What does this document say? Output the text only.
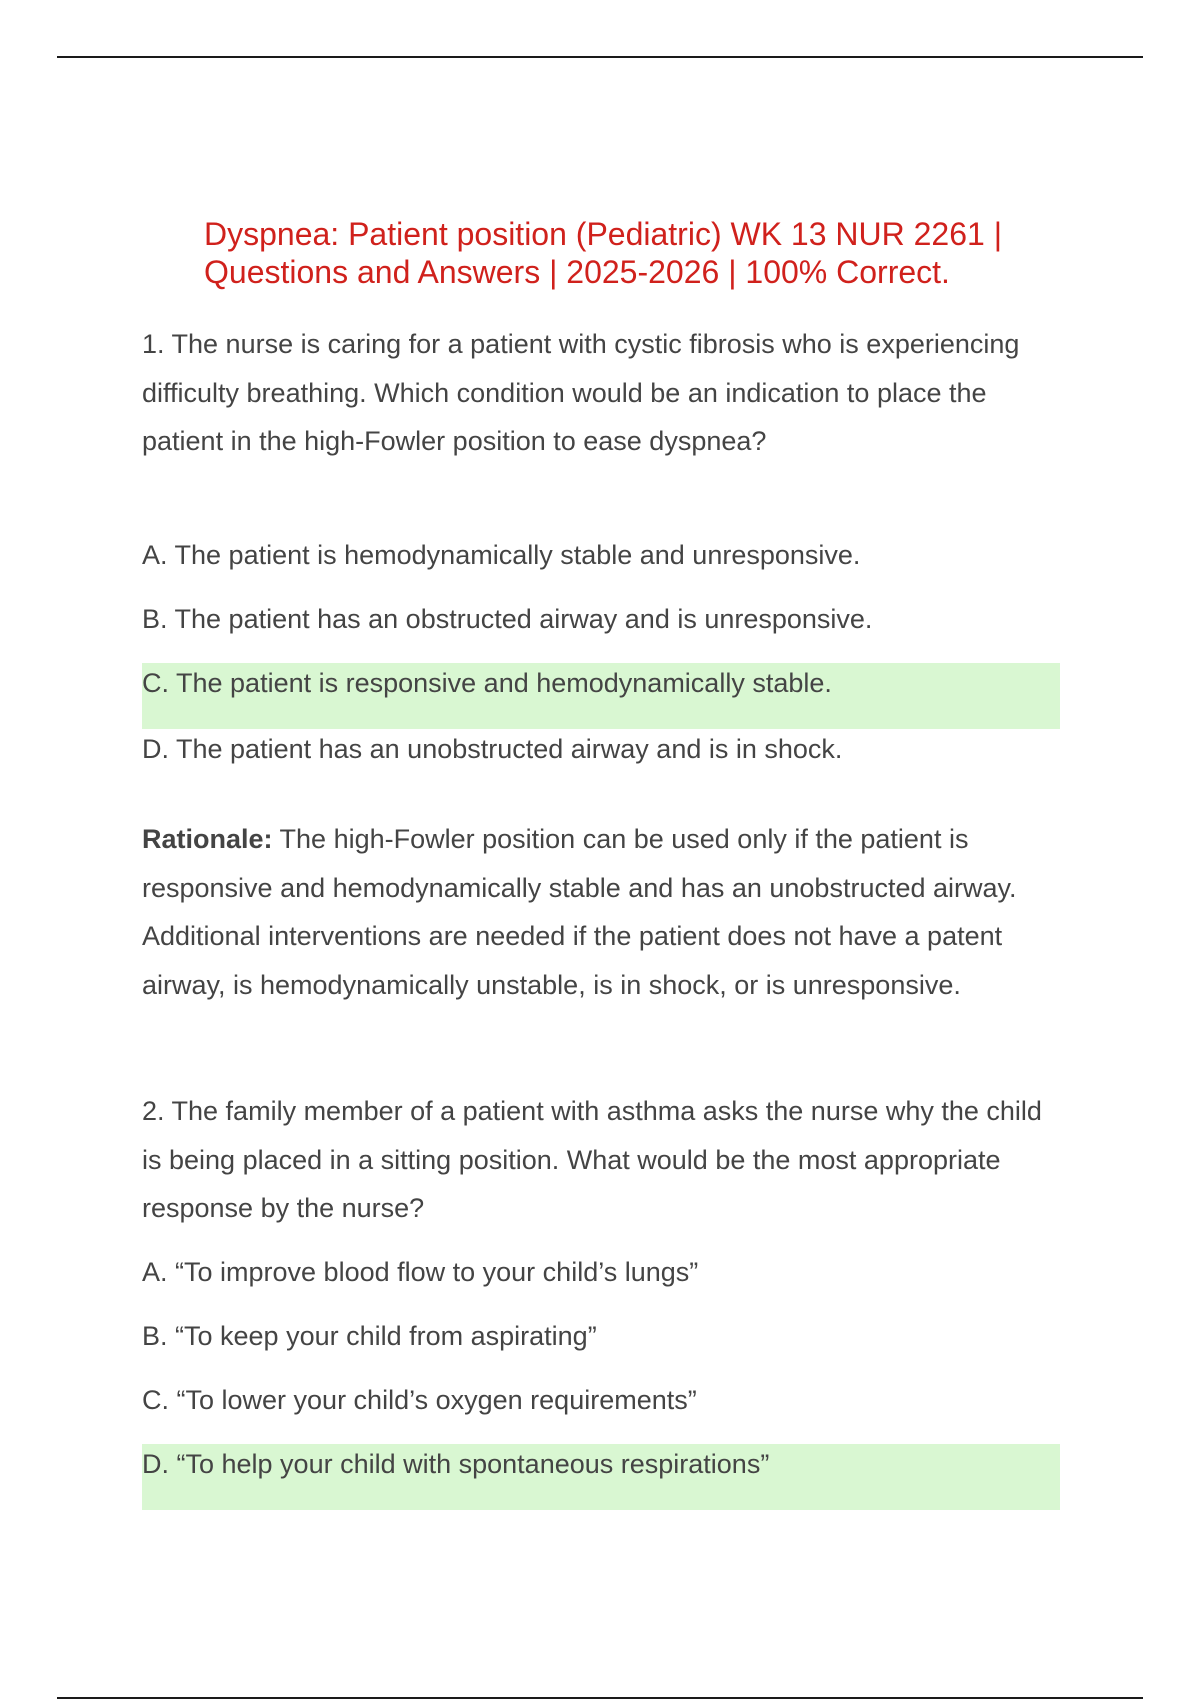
Dyspnea: Patient position (Pediatric) WK 13 NUR 2261 |
Questions and Answers | 2025-2026 | 100% Correct.

1. The nurse is caring for a patient with cystic fibrosis who is experiencing difficulty breathing. Which condition would be an indication to place the patient in the high-Fowler position to ease dyspnea?

A. The patient is hemodynamically stable and unresponsive.

B. The patient has an obstructed airway and is unresponsive.

C. The patient is responsive and hemodynamically stable.

D. The patient has an unobstructed airway and is in shock.

Rationale: The high-Fowler position can be used only if the patient is responsive and hemodynamically stable and has an unobstructed airway. Additional interventions are needed if the patient does not have a patent airway, is hemodynamically unstable, is in shock, or is unresponsive.

2. The family member of a patient with asthma asks the nurse why the child is being placed in a sitting position. What would be the most appropriate response by the nurse?

A. “To improve blood flow to your child’s lungs”

B. “To keep your child from aspirating”

C. “To lower your child’s oxygen requirements”

D. “To help your child with spontaneous respirations”
